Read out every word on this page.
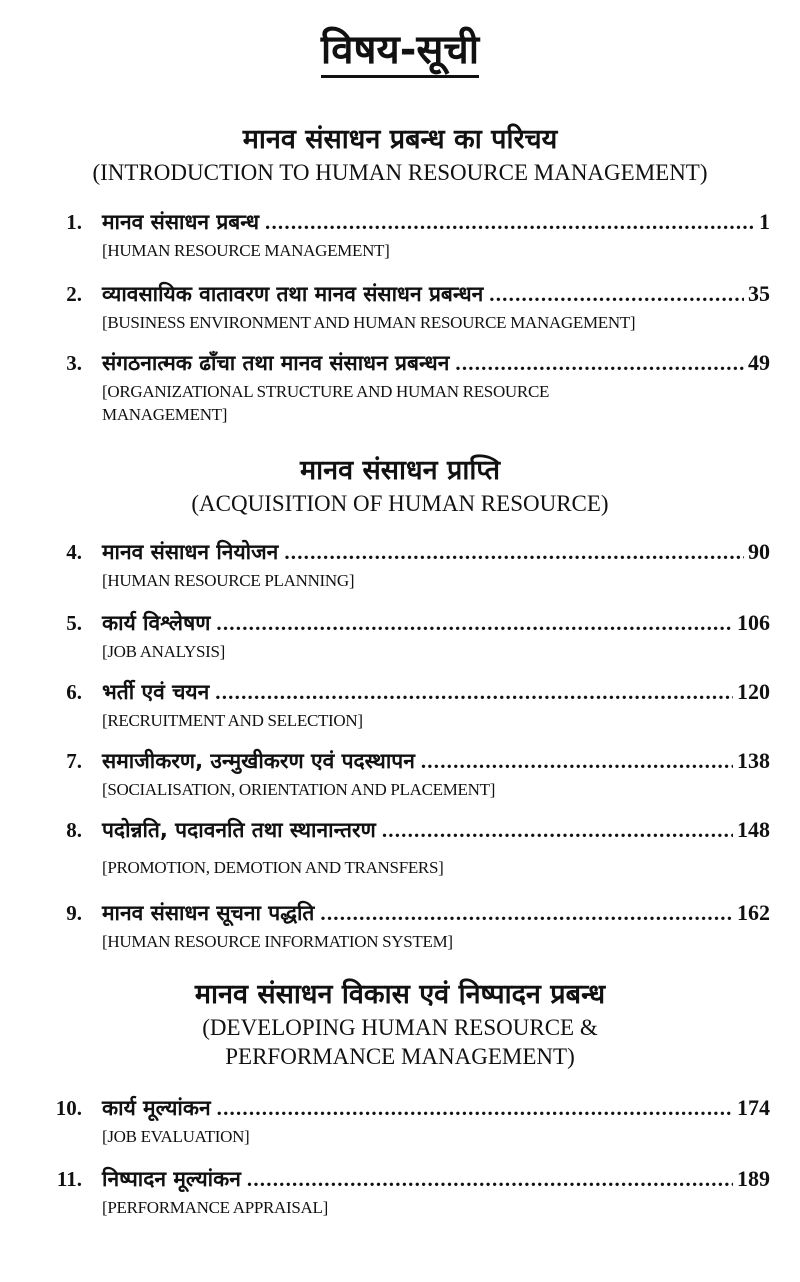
विषय-सूची
मानव संसाधन प्रबन्ध का परिचय
(INTRODUCTION TO HUMAN RESOURCE MANAGEMENT)
1. मानव संसाधन प्रबन्ध .....	1
[HUMAN RESOURCE MANAGEMENT]
2. व्यावसायिक वातावरण तथा मानव संसाधन प्रबन्धन .....	35
[BUSINESS ENVIRONMENT AND HUMAN RESOURCE MANAGEMENT]
3. संगठनात्मक ढाँचा तथा मानव संसाधन प्रबन्धन .....	49
[ORGANIZATIONAL STRUCTURE AND HUMAN RESOURCE MANAGEMENT]
मानव संसाधन प्राप्ति
(ACQUISITION OF HUMAN RESOURCE)
4. मानव संसाधन नियोजन .....	90
[HUMAN RESOURCE PLANNING]
5. कार्य विश्लेषण .....	106
[JOB ANALYSIS]
6. भर्ती एवं चयन .....	120
[RECRUITMENT AND SELECTION]
7. समाजीकरण, उन्मुखीकरण एवं पदस्थापन .....	138
[SOCIALISATION, ORIENTATION AND PLACEMENT]
8. पदोन्नति, पदावनति तथा स्थानान्तरण .....	148
[PROMOTION, DEMOTION AND TRANSFERS]
9. मानव संसाधन सूचना पद्धति .....	162
[HUMAN RESOURCE INFORMATION SYSTEM]
मानव संसाधन विकास एवं निष्पादन प्रबन्ध
(DEVELOPING HUMAN RESOURCE &
PERFORMANCE MANAGEMENT)
10. कार्य मूल्यांकन .....	174
[JOB EVALUATION]
11. निष्पादन मूल्यांकन .....	189
[PERFORMANCE APPRAISAL]
